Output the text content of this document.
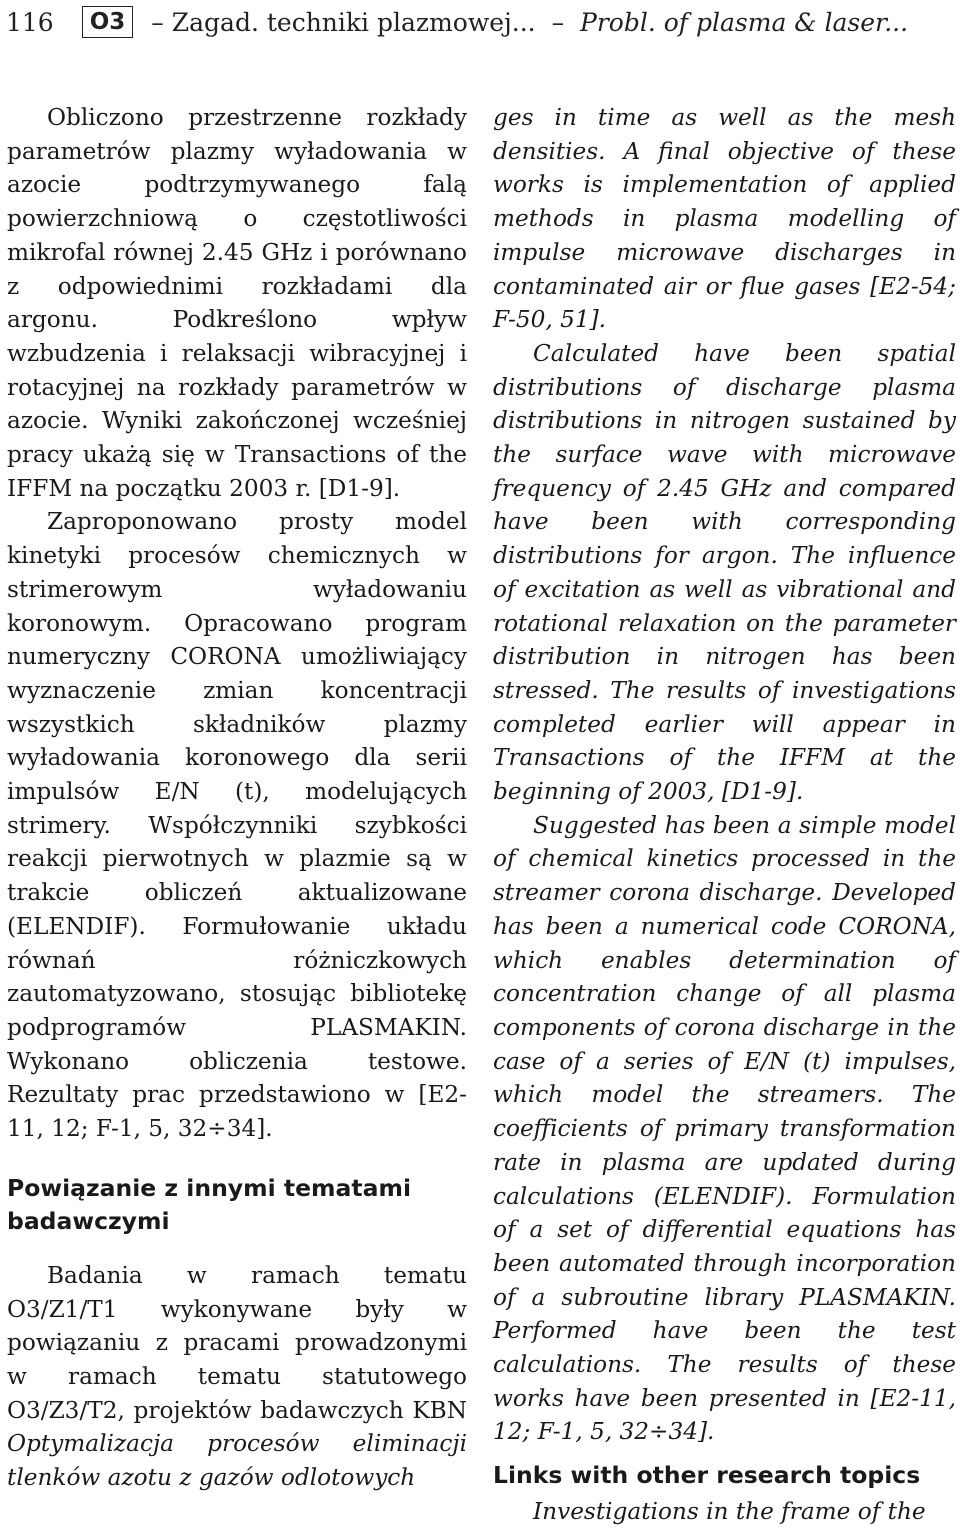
116	O3	– Zagad. techniki plazmowej... – Probl. of plasma & laser...

Obliczono przestrzenne rozkłady parametrów plazmy wyładowania w azocie podtrzymywanego falą powierzchniową o częstotliwości mikrofal równej 2.45 GHz i porównano z odpowiednimi rozkładami dla argonu. Podkreślono wpływ wzbudzenia i relaksacji wibracyjnej i rotacyjnej na rozkłady parametrów w azocie. Wyniki zakończonej wcześniej pracy ukażą się w Transactions of the IFFM na początku 2003 r. [D1-9].

Zaproponowano prosty model kinetyki procesów chemicznych w strimerowym wyładowaniu koronowym. Opracowano program numeryczny CORONA umożliwiający wyznaczenie zmian koncentracji wszystkich składników plazmy wyładowania koronowego dla serii impulsów E/N (t), modelujących strimery. Współczynniki szybkości reakcji pierwotnych w plazmie są w trakcie obliczeń aktualizowane (ELENDIF). Formułowanie układu równań różniczkowych zautomatyzowano, stosując bibliotekę podprogramów PLASMAKIN. Wykonano obliczenia testowe. Rezultaty prac przedstawiono w [E2-11, 12; F-1, 5, 32÷34].

Powiązanie z innymi tematami badawczymi

Badania w ramach tematu O3/Z1/T1 wykonywane były w powiązaniu z pracami prowadzonymi w ramach tematu statutowego O3/Z3/T2, projektów badawczych KBN Optymalizacja procesów eliminacji tlenków azotu z gazów odlotowych

ges in time as well as the mesh densities. A final objective of these works is implementation of applied methods in plasma modelling of impulse microwave discharges in contaminated air or flue gases [E2-54; F-50, 51].

Calculated have been spatial distributions of discharge plasma distributions in nitrogen sustained by the surface wave with microwave frequency of 2.45 GHz and compared have been with corresponding distributions for argon. The influence of excitation as well as vibrational and rotational relaxation on the parameter distribution in nitrogen has been stressed. The results of investigations completed earlier will appear in Transactions of the IFFM at the beginning of 2003, [D1-9].

Suggested has been a simple model of chemical kinetics processed in the streamer corona discharge. Developed has been a numerical code CORONA, which enables determination of concentration change of all plasma components of corona discharge in the case of a series of E/N (t) impulses, which model the streamers. The coefficients of primary transformation rate in plasma are updated during calculations (ELENDIF). Formulation of a set of differential equations has been automated through incorporation of a subroutine library PLASMAKIN. Performed have been the test calculations. The results of these works have been presented in [E2-11, 12; F-1, 5, 32÷34].

Links with other research topics

Investigations in the frame of the
